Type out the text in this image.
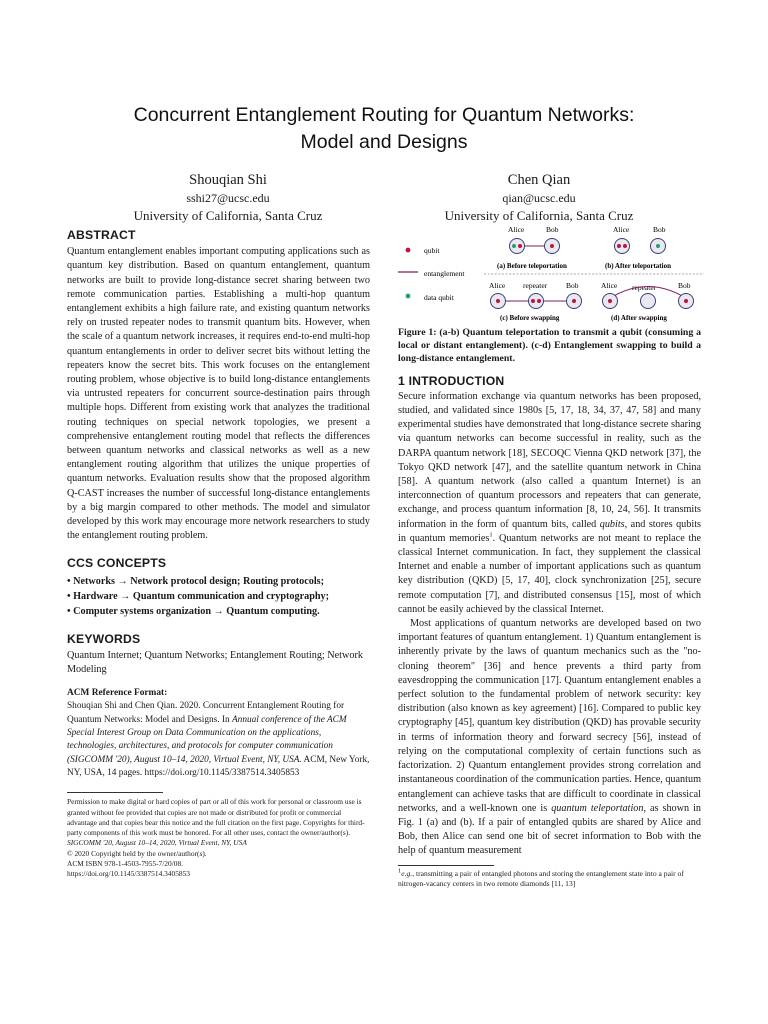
Concurrent Entanglement Routing for Quantum Networks:
Model and Designs
Shouqian Shi
sshi27@ucsc.edu
University of California, Santa Cruz
Chen Qian
qian@ucsc.edu
University of California, Santa Cruz
ABSTRACT

Quantum entanglement enables important computing applications such as quantum key distribution. Based on quantum entanglement, quantum networks are built to provide long-distance secret sharing between two remote communication parties. Establishing a multi-hop quantum entanglement exhibits a high failure rate, and existing quantum networks rely on trusted repeater nodes to transmit quantum bits. However, when the scale of a quantum network increases, it requires end-to-end multi-hop quantum entanglements in order to deliver secret bits without letting the repeaters know the secret bits. This work focuses on the entanglement routing problem, whose objective is to build long-distance entanglements via untrusted repeaters for concurrent source-destination pairs through multiple hops. Different from existing work that analyzes the traditional routing techniques on special network topologies, we present a comprehensive entanglement routing model that reflects the differences between quantum networks and classical networks as well as a new entanglement routing algorithm that utilizes the unique properties of quantum networks. Evaluation results show that the proposed algorithm Q-CAST increases the number of successful long-distance entanglements by a big margin compared to other methods. The model and simulator developed by this work may encourage more network researchers to study the entanglement routing problem.

CCS CONCEPTS

• Networks → Network protocol design; Routing protocols;

• Hardware → Quantum communication and cryptography;

• Computer systems organization → Quantum computing.

KEYWORDS

Quantum Internet; Quantum Networks; Entanglement Routing; Network Modeling

ACM Reference Format:

Shouqian Shi and Chen Qian. 2020. Concurrent Entanglement Routing for Quantum Networks: Model and Designs. In Annual conference of the ACM Special Interest Group on Data Communication on the applications, technologies, architectures, and protocols for computer communication (SIGCOMM '20), August 10–14, 2020, Virtual Event, NY, USA. ACM, New York, NY, USA, 14 pages. https://doi.org/10.1145/3387514.3405853

Permission to make digital or hard copies of part or all of this work for personal or classroom use is granted without fee provided that copies are not made or distributed for profit or commercial advantage and that copies bear this notice and the full citation on the first page. Copyrights for third-party components of this work must be honored. For all other uses, contact the owner/author(s).

SIGCOMM '20, August 10–14, 2020, Virtual Event, NY, USA

© 2020 Copyright held by the owner/author(s).

ACM ISBN 978-1-4503-7955-7/20/08.

https://doi.org/10.1145/3387514.3405853

qubit
entanglement
data qubit
Alice	Bob
(a) Before teleportation
Alice	Bob
(b) After teleportation
Alice repeater	Bob
(c) Before swapping
Alice repeater	Bob
(d) After swapping

Figure 1: (a-b) Quantum teleportation to transmit a qubit (consuming a local or distant entanglement). (c-d) Entanglement swapping to build a long-distance entanglement.

1 INTRODUCTION

Secure information exchange via quantum networks has been proposed, studied, and validated since 1980s [5, 17, 18, 34, 37, 47, 58] and many experimental studies have demonstrated that long-distance secrete sharing via quantum networks can become successful in reality, such as the DARPA quantum network [18], SECOQC Vienna QKD network [37], the Tokyo QKD network [47], and the satellite quantum network in China [58]. A quantum network (also called a quantum Internet) is an interconnection of quantum processors and repeaters that can generate, exchange, and process quantum information [8, 10, 24, 56]. It transmits information in the form of quantum bits, called qubits, and stores qubits in quantum memories$^1$. Quantum networks are not meant to replace the classical Internet communication. In fact, they supplement the classical Internet and enable a number of important applications such as quantum key distribution (QKD) [5, 17, 40], clock synchronization [25], secure remote computation [7], and distributed consensus [15], most of which cannot be easily achieved by the classical Internet.

Most applications of quantum networks are developed based on two important features of quantum entanglement. 1) Quantum entanglement is inherently private by the laws of quantum mechanics such as the "no-cloning theorem" [36] and hence prevents a third party from eavesdropping the communication [17]. Quantum entanglement enables a perfect solution to the fundamental problem of network security: key distribution (also known as key agreement) [16]. Compared to public key cryptography [45], quantum key distribution (QKD) has provable security in terms of information theory and forward secrecy [56], instead of relying on the computational complexity of certain functions such as factorization. 2) Quantum entanglement provides strong correlation and instantaneous coordination of the communication parties. Hence, quantum entanglement can achieve tasks that are difficult to coordinate in classical networks, and a well-known one is quantum teleportation, as shown in Fig. 1 (a) and (b). If a pair of entangled qubits are shared by Alice and Bob, then Alice can send one bit of secret information to Bob with the help of quantum measurement

$^1$e.g., transmitting a pair of entangled photons and storing the entanglement state into a pair of nitrogen-vacancy centers in two remote diamonds [11, 13]
